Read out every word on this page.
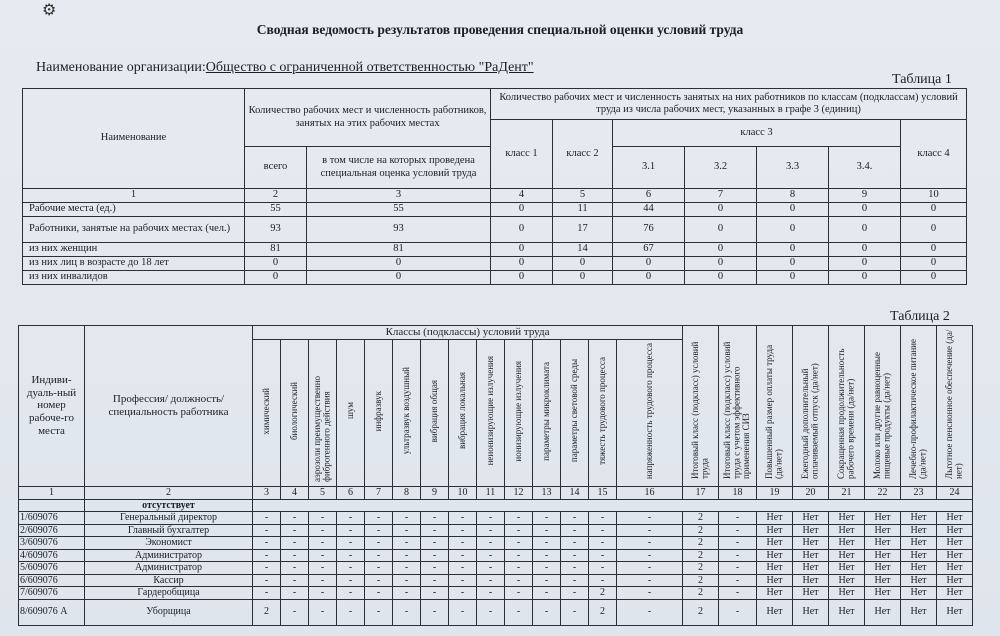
⚙
Сводная ведомость результатов проведения специальной оценки условий труда
Наименование организации:Общество с ограниченной ответственностью "РаДент"
Таблица 1
Наименование	Количество рабочих мест и численность работников, занятых на этих рабочих местах		Количество рабочих мест и численность занятых на них работников по классам (подклассам) условий труда из числа рабочих мест, указанных в графе 3 (единиц)						
			класс 1	класс 2	класс 3				класс 4
	всего	в том числе на которых проведена специальная оценка условий труда			3.1	3.2	3.3	3.4.	
1	2	3	4	5	6	7	8	9	10
Рабочие места (ед.)	55	55	0	11	44	0	0	0	0
Работники, занятые на рабочих местах (чел.)	93	93	0	17	76	0	0	0	0
из них женщин	81	81	0	14	67	0	0	0	0
из них лиц в возрасте до 18 лет	0	0	0	0	0	0	0	0	0
из них инвалидов	0	0	0	0	0	0	0	0	0
Таблица 2
Индиви-дуаль-ный номер рабоче-го места	Профессия/ должность/ специальность работника	Классы (подклассы) условий труда														Итоговый класс (подкласс) условий труда	Итоговый класс (подкласс) условий труда с учетом эффективного применения СИЗ	Повышенный размер оплаты труда (да/нет)	Ежегодный дополнительный оплачиваемый отпуск (да/нет)	Сокращенная продолжительность рабочего времени (да/нет)	Молоко или другие равноценные пищевые продукты (да/нет)	Лечебно-профилактическое питание (да/нет)	Льготное пенсионное обеспечение (да/нет)
		химический	биологический	аэрозоли преимущественно фиброгенного действия	шум	инфразвук	ультразвук воздушный	вибрация общая	вибрация локальная	неионизирующие излучения	ионизирующие излучения	параметры микроклимата	параметры световой среды	тяжесть трудового процесса	напряженность трудового процесса								
1	2	3	4	5	6	7	8	9	10	11	12	13	14	15	16	17	18	19	20	21	22	23	24
	отсутствует																						
1/609076	Генеральный директор	-	-	-	-	-	-	-	-	-	-	-	-	-	-	2	-	Нет	Нет	Нет	Нет	Нет	Нет
2/609076	Главный бухгалтер	-	-	-	-	-	-	-	-	-	-	-	-	-	-	2	-	Нет	Нет	Нет	Нет	Нет	Нет
3/609076	Экономист	-	-	-	-	-	-	-	-	-	-	-	-	-	-	2	-	Нет	Нет	Нет	Нет	Нет	Нет
4/609076	Администратор	-	-	-	-	-	-	-	-	-	-	-	-	-	-	2	-	Нет	Нет	Нет	Нет	Нет	Нет
5/609076	Администратор	-	-	-	-	-	-	-	-	-	-	-	-	-	-	2	-	Нет	Нет	Нет	Нет	Нет	Нет
6/609076	Кассир	-	-	-	-	-	-	-	-	-	-	-	-	-	-	2	-	Нет	Нет	Нет	Нет	Нет	Нет
7/609076	Гардеробщица	-	-	-	-	-	-	-	-	-	-	-	-	2	-	2	-	Нет	Нет	Нет	Нет	Нет	Нет
8/609076 А	Уборщица	2	-	-	-	-	-	-	-	-	-	-	-	2	-	2	-	Нет	Нет	Нет	Нет	Нет	Нет
